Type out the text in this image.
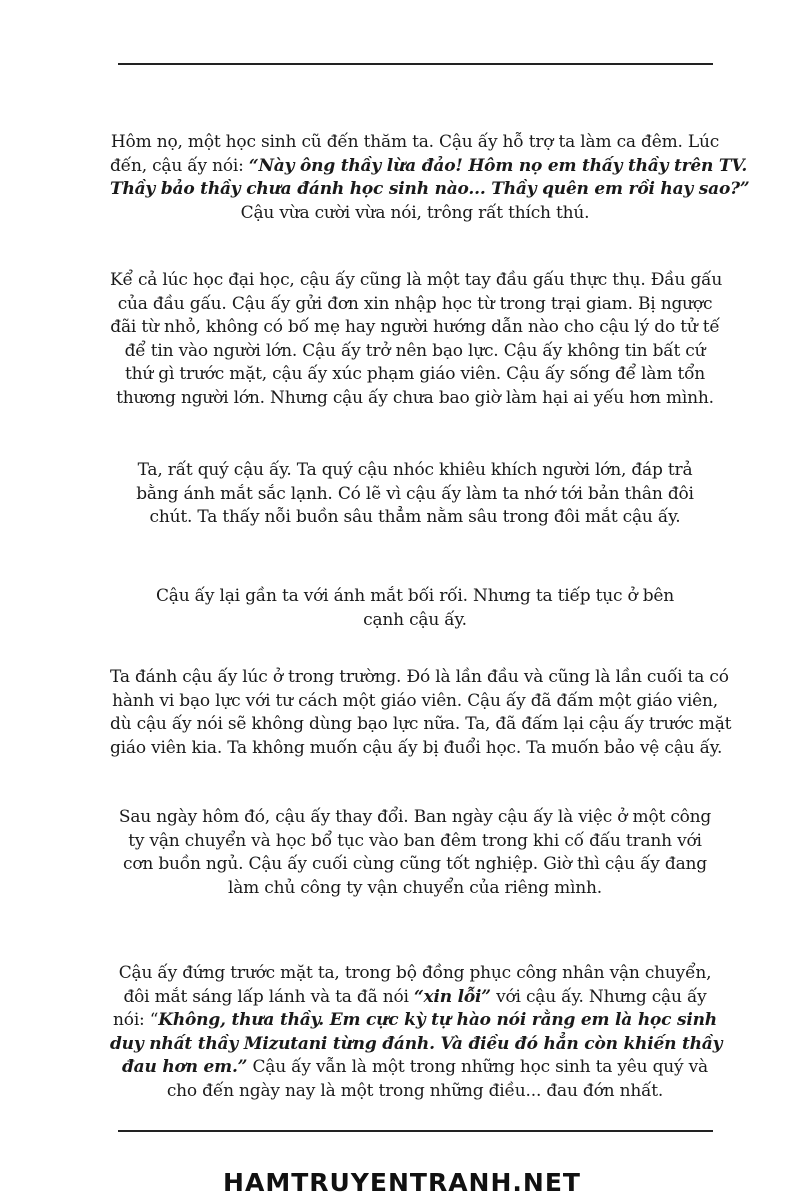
Hôm nọ, một học sinh cũ đến thăm ta. Cậu ấy hỗ trợ ta làm ca đêm. Lúc
đến, cậu ấy nói: “Này ông thầy lừa đảo! Hôm nọ em thấy thầy trên TV.
Thầy bảo thầy chưa đánh học sinh nào... Thầy quên em rồi hay sao?”
Cậu vừa cười vừa nói, trông rất thích thú.
Kể cả lúc học đại học, cậu ấy cũng là một tay đầu gấu thực thụ. Đầu gấu
của đầu gấu. Cậu ấy gửi đơn xin nhập học từ trong trại giam. Bị ngược
đãi từ nhỏ, không có bố mẹ hay người hướng dẫn nào cho cậu lý do tử tế
để tin vào người lớn. Cậu ấy trở nên bạo lực. Cậu ấy không tin bất cứ
thứ gì trước mặt, cậu ấy xúc phạm giáo viên. Cậu ấy sống để làm tổn
thương người lớn. Nhưng cậu ấy chưa bao giờ làm hại ai yếu hơn mình.
Ta, rất quý cậu ấy. Ta quý cậu nhóc khiêu khích người lớn, đáp trả
bằng ánh mắt sắc lạnh. Có lẽ vì cậu ấy làm ta nhớ tới bản thân đôi
chút. Ta thấy nỗi buồn sâu thẳm nằm sâu trong đôi mắt cậu ấy.
Cậu ấy lại gần ta với ánh mắt bối rối. Nhưng ta tiếp tục ở bên
cạnh cậu ấy.
Ta đánh cậu ấy lúc ở trong trường. Đó là lần đầu và cũng là lần cuối ta có
hành vi bạo lực với tư cách một giáo viên. Cậu ấy đã đấm một giáo viên,
dù cậu ấy nói sẽ không dùng bạo lực nữa. Ta, đã đấm lại cậu ấy trước mặt
giáo viên kia. Ta không muốn cậu ấy bị đuổi học. Ta muốn bảo vệ cậu ấy.
Sau ngày hôm đó, cậu ấy thay đổi. Ban ngày cậu ấy là việc ở một công
ty vận chuyển và học bổ tục vào ban đêm trong khi cố đấu tranh với
cơn buồn ngủ. Cậu ấy cuối cùng cũng tốt nghiệp. Giờ thì cậu ấy đang
làm chủ công ty vận chuyển của riêng mình.
Cậu ấy đứng trước mặt ta, trong bộ đồng phục công nhân vận chuyển,
đôi mắt sáng lấp lánh và ta đã nói “xin lỗi” với cậu ấy. Nhưng cậu ấy
nói: “Không, thưa thầy. Em cực kỳ tự hào nói rằng em là học sinh
duy nhất thầy Mizutani từng đánh. Và điều đó hẳn còn khiến thầy
đau hơn em.” Cậu ấy vẫn là một trong những học sinh ta yêu quý và
cho đến ngày nay là một trong những điều... đau đớn nhất.
HAMTRUYENTRANH.NET
